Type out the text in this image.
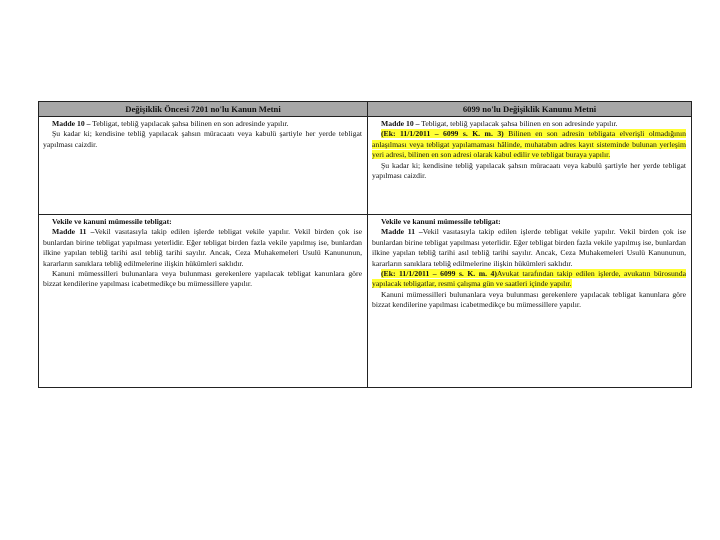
Değişiklik Öncesi 7201 no'lu Kanun Metni	6099 no'lu Değişiklik Kanunu Metni

Madde 10 – Tebligat, tebliğ yapılacak şahsa bilinen en son adresinde yapılır.

Şu kadar ki; kendisine tebliğ yapılacak şahsın müracaatı veya kabulü şartiyle her yerde tebligat yapılması caizdir.

Madde 10 – Tebligat, tebliğ yapılacak şahsa bilinen en son adresinde yapılır.

(Ek: 11/1/2011 – 6099 s. K. m. 3) Bilinen en son adresin tebligata elverişli olmadığının anlaşılması veya tebligat yapılamaması hâlinde, muhatabın adres kayıt sisteminde bulunan yerleşim yeri adresi, bilinen en son adresi olarak kabul edilir ve tebligat buraya yapılır.

Şu kadar ki; kendisine tebliğ yapılacak şahsın müracaatı veya kabulü şartiyle her yerde tebligat yapılması caizdir.

Vekile ve kanuni mümessile tebligat:

Madde 11 –Vekil vasıtasıyla takip edilen işlerde tebligat vekile yapılır. Vekil birden çok ise bunlardan birine tebligat yapılması yeterlidir. Eğer tebligat birden fazla vekile yapılmış ise, bunlardan ilkine yapılan tebliğ tarihi asıl tebliğ tarihi sayılır. Ancak, Ceza Muhakemeleri Usulü Kanununun, kararların sanıklara tebliğ edilmelerine ilişkin hükümleri saklıdır.

Kanuni mümessilleri bulunanlara veya bulunması gerekenlere yapılacak tebligat kanunlara göre bizzat kendilerine yapılması icabetmedikçe bu mümessillere yapılır.

Vekile ve kanuni mümessile tebligat:

Madde 11 –Vekil vasıtasıyla takip edilen işlerde tebligat vekile yapılır. Vekil birden çok ise bunlardan birine tebligat yapılması yeterlidir. Eğer tebligat birden fazla vekile yapılmış ise, bunlardan ilkine yapılan tebliğ tarihi asıl tebliğ tarihi sayılır. Ancak, Ceza Muhakemeleri Usulü Kanununun, kararların sanıklara tebliğ edilmelerine ilişkin hükümleri saklıdır.

(Ek: 11/1/2011 – 6099 s. K. m. 4)Avukat tarafından takip edilen işlerde, avukatın bürosunda yapılacak tebligatlar, resmi çalışma gün ve saatleri içinde yapılır.

Kanuni mümessilleri bulunanlara veya bulunması gerekenlere yapılacak tebligat kanunlara göre bizzat kendilerine yapılması icabetmedikçe bu mümessillere yapılır.
